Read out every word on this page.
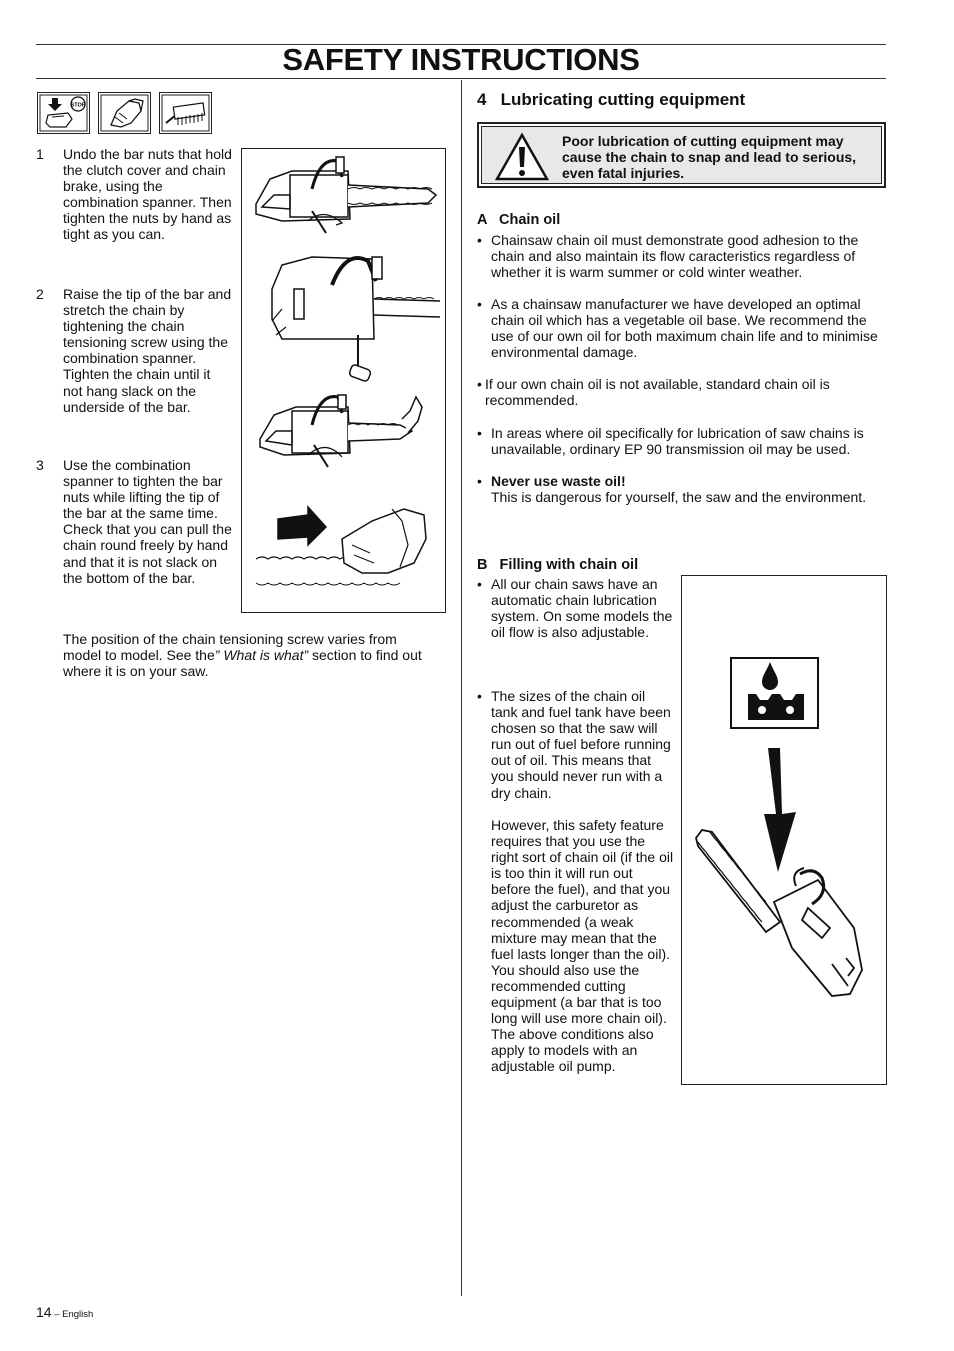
SAFETY INSTRUCTIONS
STOP
1 Undo the bar nuts that hold the clutch cover and chain brake, using the combination spanner. Then tighten the nuts by hand as tight as you can.
2 Raise the tip of the bar and stretch the chain by tightening the chain tensioning screw using the combination spanner. Tighten the chain until it not hang slack on the underside of the bar.
3 Use the combination spanner to tighten the bar nuts while lifting the tip of the bar at the same time. Check that you can pull the chain round freely by hand and that it is not slack on the bottom of the bar.
The position of the chain tensioning screw varies from model to model. See the” What is what” section to find out where it is on your saw.
4   Lubricating cutting equipment
Poor lubrication of cutting equipment may cause the chain to snap and lead to serious, even fatal injuries.
A   Chain oil
• Chainsaw chain oil must demonstrate good adhesion to the chain and also maintain its flow caracteristics regardless of whether it is warm summer or cold winter weather.
• As a chainsaw manufacturer we have developed an optimal chain oil which has a vegetable oil base. We recommend the use of our own oil for both maximum chain life and to minimise environmental damage.
• If our own chain oil is not available, standard chain oil is recommended.
• In areas where oil specifically for lubrication of saw chains is unavailable, ordinary EP 90 transmission oil may be used.
• Never use waste oil!
This is dangerous for yourself, the saw and the environment.
B   Filling with chain oil
• All our chain saws have an automatic chain lubrication system. On some models the oil flow is also adjustable.
• The sizes of the chain oil tank and fuel tank have been chosen so that the saw will run out of fuel before running out of oil. This means that you should never run with a dry chain.
However, this safety feature requires that you use the right sort of chain oil (if the oil is too thin it will run out before the fuel), and that you adjust the carburetor as recommended (a weak mixture may mean that the fuel lasts longer than the oil). You should also use the recommended cutting equipment (a bar that is too long will use more chain oil). The above conditions also apply to models with an adjustable oil pump.
14 – English
